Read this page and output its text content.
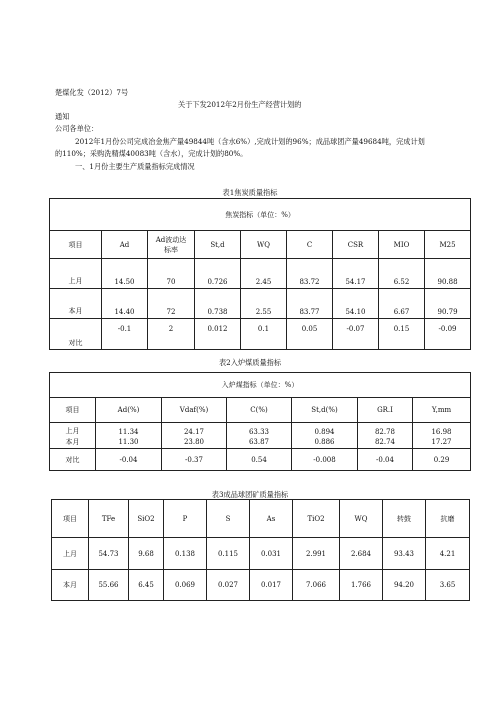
楚煤化发（2012）7号
关于下发2012年2月份生产经营计划的
通知
公司各单位：
2012年1月份公司完成冶金焦产量49844吨（含水6%）,完成计划的96%；成品球团产量49684吨，完成计划
的110%；采购洗精煤40083吨（含水），完成计划的80%。
一、1月份主要生产质量指标完成情况
表1焦炭质量指标
焦炭指标（单位：%）								
项目	Ad	Ad波动达标率	St,d	WQ	C	CSR	MIO	M25
上月	14.50	70	0.726	2.45	83.72	54.17	6.52	90.88
本月	14.40	72	0.738	2.55	83.77	54.10	6.67	90.79
对比	-0.1	2	0.012	0.1	0.05	-0.07	0.15	-0.09
表2入炉煤质量指标
入炉煤指标（单位：%）						
项目	Ad(%)	Vdaf(%)	C(%)	St,d(%)	GR.I	Y,mm
上月	11.34	24.17	63.33	0.894	82.78	16.98
本月	11.30	23.80	63.87	0.886	82.74	17.27
对比	-0.04	-0.37	0.54	-0.008	-0.04	0.29
表3成品球团矿质量指标
项目	TFe	SiO2	P	S	As	TiO2	WQ	转鼓	抗磨
上月	54.73	9.68	0.138	0.115	0.031	2.991	2.684	93.43	4.21
本月	55.66	6.45	0.069	0.027	0.017	7.066	1.766	94.20	3.65
